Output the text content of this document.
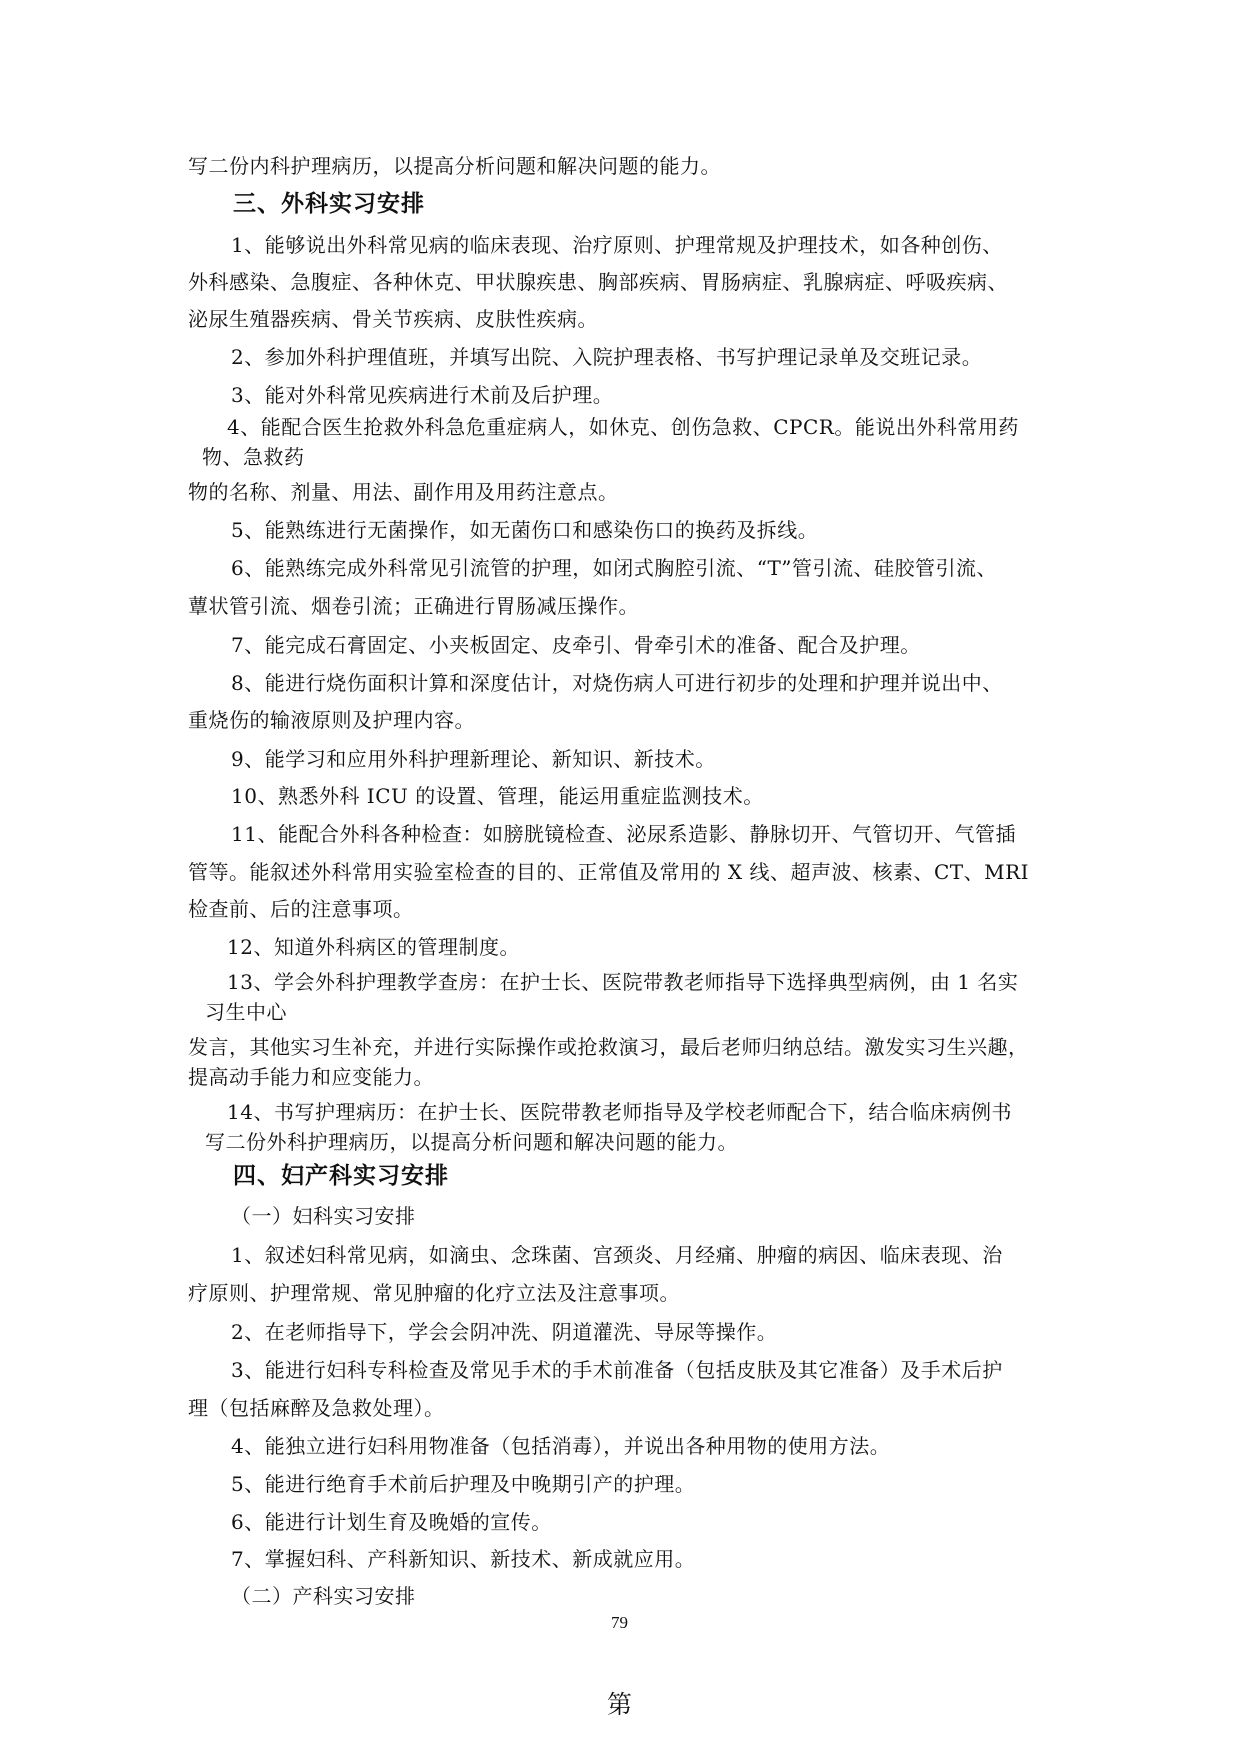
写二份内科护理病历，以提高分析问题和解决问题的能力。
三、外科实习安排
1、能够说出外科常见病的临床表现、治疗原则、护理常规及护理技术，如各种创伤、
外科感染、急腹症、各种休克、甲状腺疾患、胸部疾病、胃肠病症、乳腺病症、呼吸疾病、
泌尿生殖器疾病、骨关节疾病、皮肤性疾病。
2、参加外科护理值班，并填写出院、入院护理表格、书写护理记录单及交班记录。
3、能对外科常见疾病进行术前及后护理。
4、能配合医生抢救外科急危重症病人，如休克、创伤急救、CPCR。能说出外科常用药
物、急救药
物的名称、剂量、用法、副作用及用药注意点。
5、能熟练进行无菌操作，如无菌伤口和感染伤口的换药及拆线。
6、能熟练完成外科常见引流管的护理，如闭式胸腔引流、“T”管引流、硅胶管引流、
蕈状管引流、烟卷引流；正确进行胃肠减压操作。
7、能完成石膏固定、小夹板固定、皮牵引、骨牵引术的准备、配合及护理。
8、能进行烧伤面积计算和深度估计，对烧伤病人可进行初步的处理和护理并说出中、
重烧伤的输液原则及护理内容。
9、能学习和应用外科护理新理论、新知识、新技术。
10、熟悉外科 ICU 的设置、管理，能运用重症监测技术。
11、能配合外科各种检查：如膀胱镜检查、泌尿系造影、静脉切开、气管切开、气管插
管等。能叙述外科常用实验室检查的目的、正常值及常用的 X 线、超声波、核素、CT、MRI
检查前、后的注意事项。
12、知道外科病区的管理制度。
13、学会外科护理教学查房：在护士长、医院带教老师指导下选择典型病例，由 1 名实
习生中心
发言，其他实习生补充，并进行实际操作或抢救演习，最后老师归纳总结。激发实习生兴趣，
提高动手能力和应变能力。
14、书写护理病历：在护士长、医院带教老师指导及学校老师配合下，结合临床病例书
写二份外科护理病历，以提高分析问题和解决问题的能力。
四、妇产科实习安排
（一）妇科实习安排
1、叙述妇科常见病，如滴虫、念珠菌、宫颈炎、月经痛、肿瘤的病因、临床表现、治
疗原则、护理常规、常见肿瘤的化疗立法及注意事项。
2、在老师指导下，学会会阴冲洗、阴道灌洗、导尿等操作。
3、能进行妇科专科检查及常见手术的手术前准备（包括皮肤及其它准备）及手术后护
理（包括麻醉及急救处理）。
4、能独立进行妇科用物准备（包括消毒），并说出各种用物的使用方法。
5、能进行绝育手术前后护理及中晚期引产的护理。
6、能进行计划生育及晚婚的宣传。
7、掌握妇科、产科新知识、新技术、新成就应用。
（二）产科实习安排
79
第
